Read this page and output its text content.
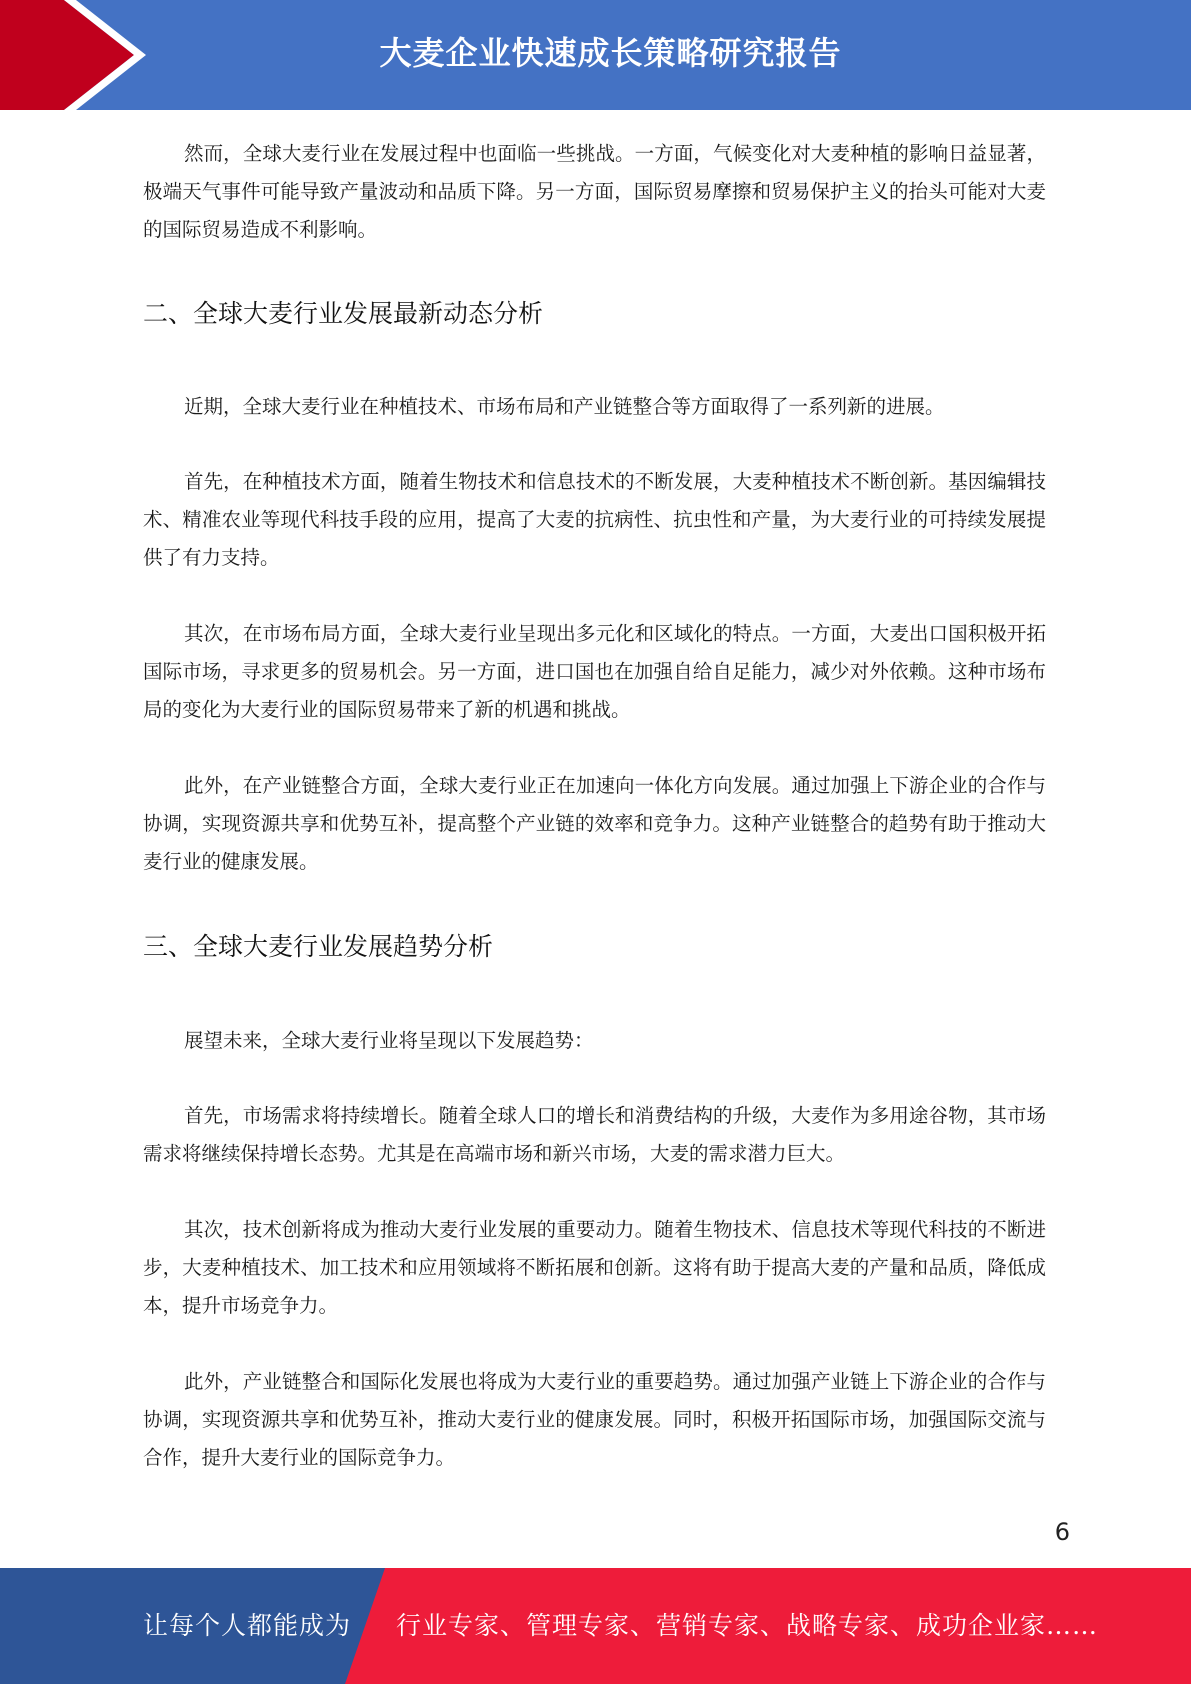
大麦企业快速成长策略研究报告

然而，全球大麦行业在发展过程中也面临一些挑战。一方面，气候变化对大麦种植的影响日益显著，极端天气事件可能导致产量波动和品质下降。另一方面，国际贸易摩擦和贸易保护主义的抬头可能对大麦的国际贸易造成不利影响。

二、全球大麦行业发展最新动态分析

近期，全球大麦行业在种植技术、市场布局和产业链整合等方面取得了一系列新的进展。

首先，在种植技术方面，随着生物技术和信息技术的不断发展，大麦种植技术不断创新。基因编辑技术、精准农业等现代科技手段的应用，提高了大麦的抗病性、抗虫性和产量，为大麦行业的可持续发展提供了有力支持。

其次，在市场布局方面，全球大麦行业呈现出多元化和区域化的特点。一方面，大麦出口国积极开拓国际市场，寻求更多的贸易机会。另一方面，进口国也在加强自给自足能力，减少对外依赖。这种市场布局的变化为大麦行业的国际贸易带来了新的机遇和挑战。

此外，在产业链整合方面，全球大麦行业正在加速向一体化方向发展。通过加强上下游企业的合作与协调，实现资源共享和优势互补，提高整个产业链的效率和竞争力。这种产业链整合的趋势有助于推动大麦行业的健康发展。

三、全球大麦行业发展趋势分析

展望未来，全球大麦行业将呈现以下发展趋势：

首先，市场需求将持续增长。随着全球人口的增长和消费结构的升级，大麦作为多用途谷物，其市场需求将继续保持增长态势。尤其是在高端市场和新兴市场，大麦的需求潜力巨大。

其次，技术创新将成为推动大麦行业发展的重要动力。随着生物技术、信息技术等现代科技的不断进步，大麦种植技术、加工技术和应用领域将不断拓展和创新。这将有助于提高大麦的产量和品质，降低成本，提升市场竞争力。

此外，产业链整合和国际化发展也将成为大麦行业的重要趋势。通过加强产业链上下游企业的合作与协调，实现资源共享和优势互补，推动大麦行业的健康发展。同时，积极开拓国际市场，加强国际交流与合作，提升大麦行业的国际竞争力。

6
让每个人都能成为 行业专家、管理专家、营销专家、战略专家、成功企业家……
